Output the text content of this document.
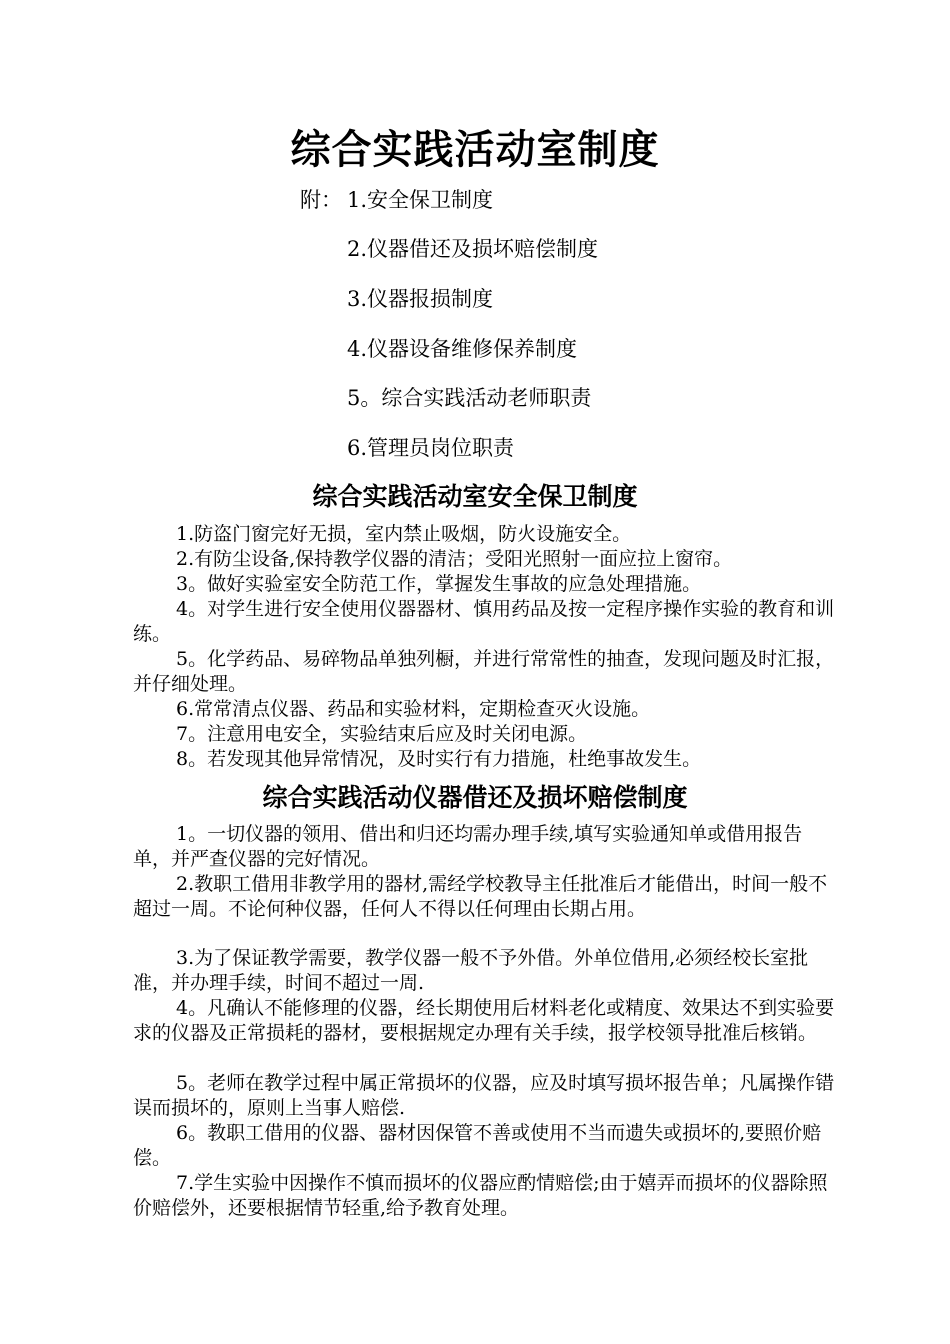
综合实践活动室制度
附： 1.安全保卫制度
2.仪器借还及损坏赔偿制度
3.仪器报损制度
4.仪器设备维修保养制度
5。综合实践活动老师职责
6.管理员岗位职责
综合实践活动室安全保卫制度

1.防盗门窗完好无损，室内禁止吸烟，防火设施安全。

2.有防尘设备,保持教学仪器的清洁；受阳光照射一面应拉上窗帘。

3。做好实验室安全防范工作，掌握发生事故的应急处理措施。

4。对学生进行安全使用仪器器材、慎用药品及按一定程序操作实验的教育和训练。

5。化学药品、易碎物品单独列橱，并进行常常性的抽查，发现问题及时汇报，并仔细处理。

6.常常清点仪器、药品和实验材料，定期检查灭火设施。

7。注意用电安全，实验结束后应及时关闭电源。

8。若发现其他异常情况，及时实行有力措施，杜绝事故发生。

综合实践活动仪器借还及损坏赔偿制度

1。一切仪器的领用、借出和归还均需办理手续,填写实验通知单或借用报告单，并严查仪器的完好情况。

2.教职工借用非教学用的器材,需经学校教导主任批准后才能借出，时间一般不超过一周。不论何种仪器，任何人不得以任何理由长期占用。

3.为了保证教学需要，教学仪器一般不予外借。外单位借用,必须经校长室批准，并办理手续，时间不超过一周.

4。凡确认不能修理的仪器，经长期使用后材料老化或精度、效果达不到实验要求的仪器及正常损耗的器材，要根据规定办理有关手续，报学校领导批准后核销。

5。老师在教学过程中属正常损坏的仪器，应及时填写损坏报告单；凡属操作错误而损坏的，原则上当事人赔偿.

6。教职工借用的仪器、器材因保管不善或使用不当而遗失或损坏的,要照价赔偿。

7.学生实验中因操作不慎而损坏的仪器应酌情赔偿;由于嬉弄而损坏的仪器除照价赔偿外，还要根据情节轻重,给予教育处理。
